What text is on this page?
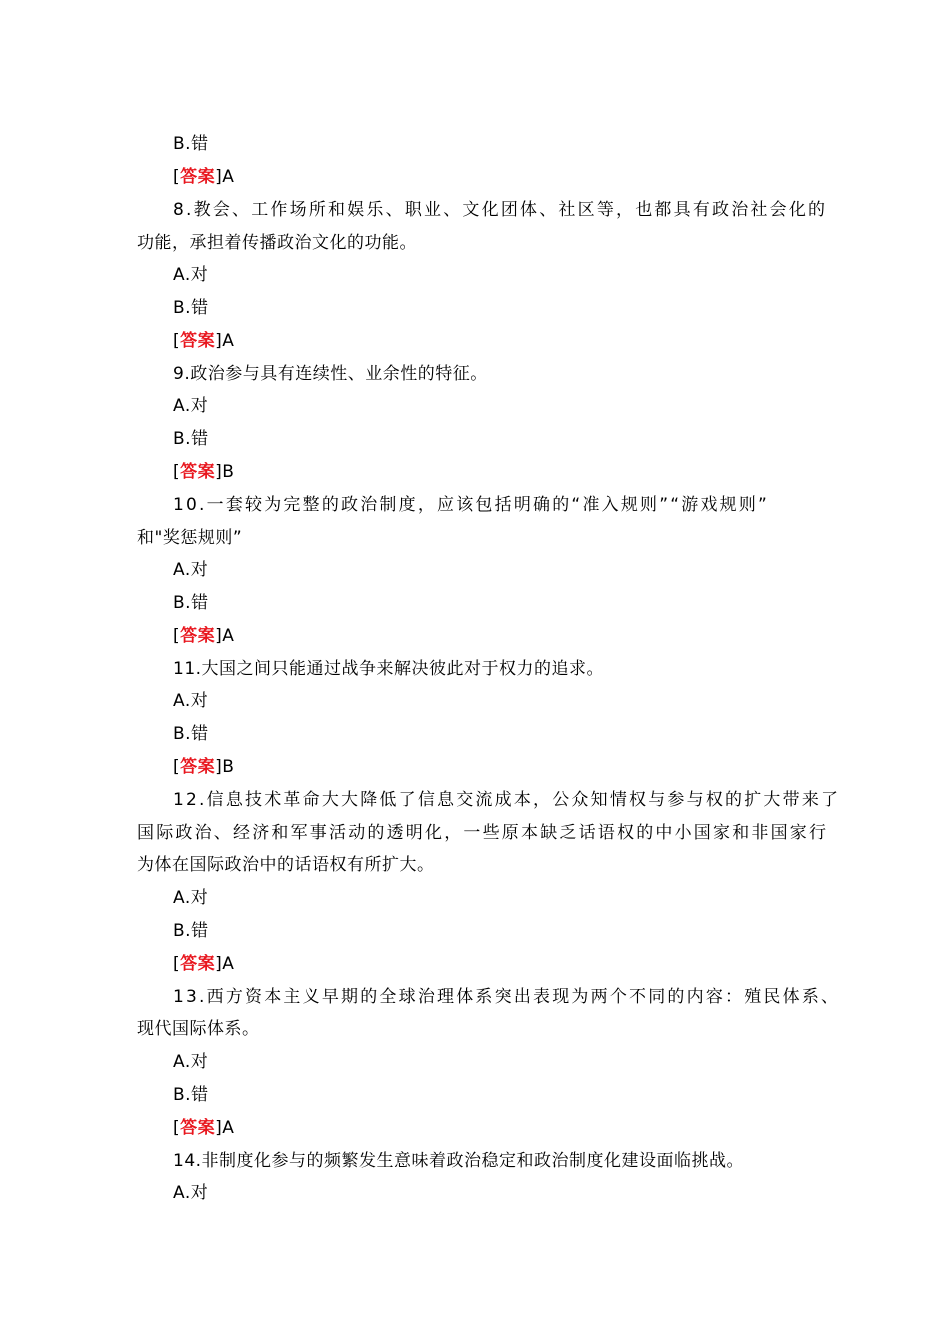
B.错
[答案]A
8.教会、工作场所和娱乐、职业、文化团体、社区等，也都具有政治社会化的
功能，承担着传播政治文化的功能。
A.对
B.错
[答案]A
9.政治参与具有连续性、业余性的特征。
A.对
B.错
[答案]B
10.一套较为完整的政治制度，应该包括明确的“准入规则”“游戏规则”
和"奖惩规则”
A.对
B.错
[答案]A
11.大国之间只能通过战争来解决彼此对于权力的追求。
A.对
B.错
[答案]B
12.信息技术革命大大降低了信息交流成本，公众知情权与参与权的扩大带来了
国际政治、经济和军事活动的透明化，一些原本缺乏话语权的中小国家和非国家行
为体在国际政治中的话语权有所扩大。
A.对
B.错
[答案]A
13.西方资本主义早期的全球治理体系突出表现为两个不同的内容：殖民体系、
现代国际体系。
A.对
B.错
[答案]A
14.非制度化参与的频繁发生意味着政治稳定和政治制度化建设面临挑战。
A.对
